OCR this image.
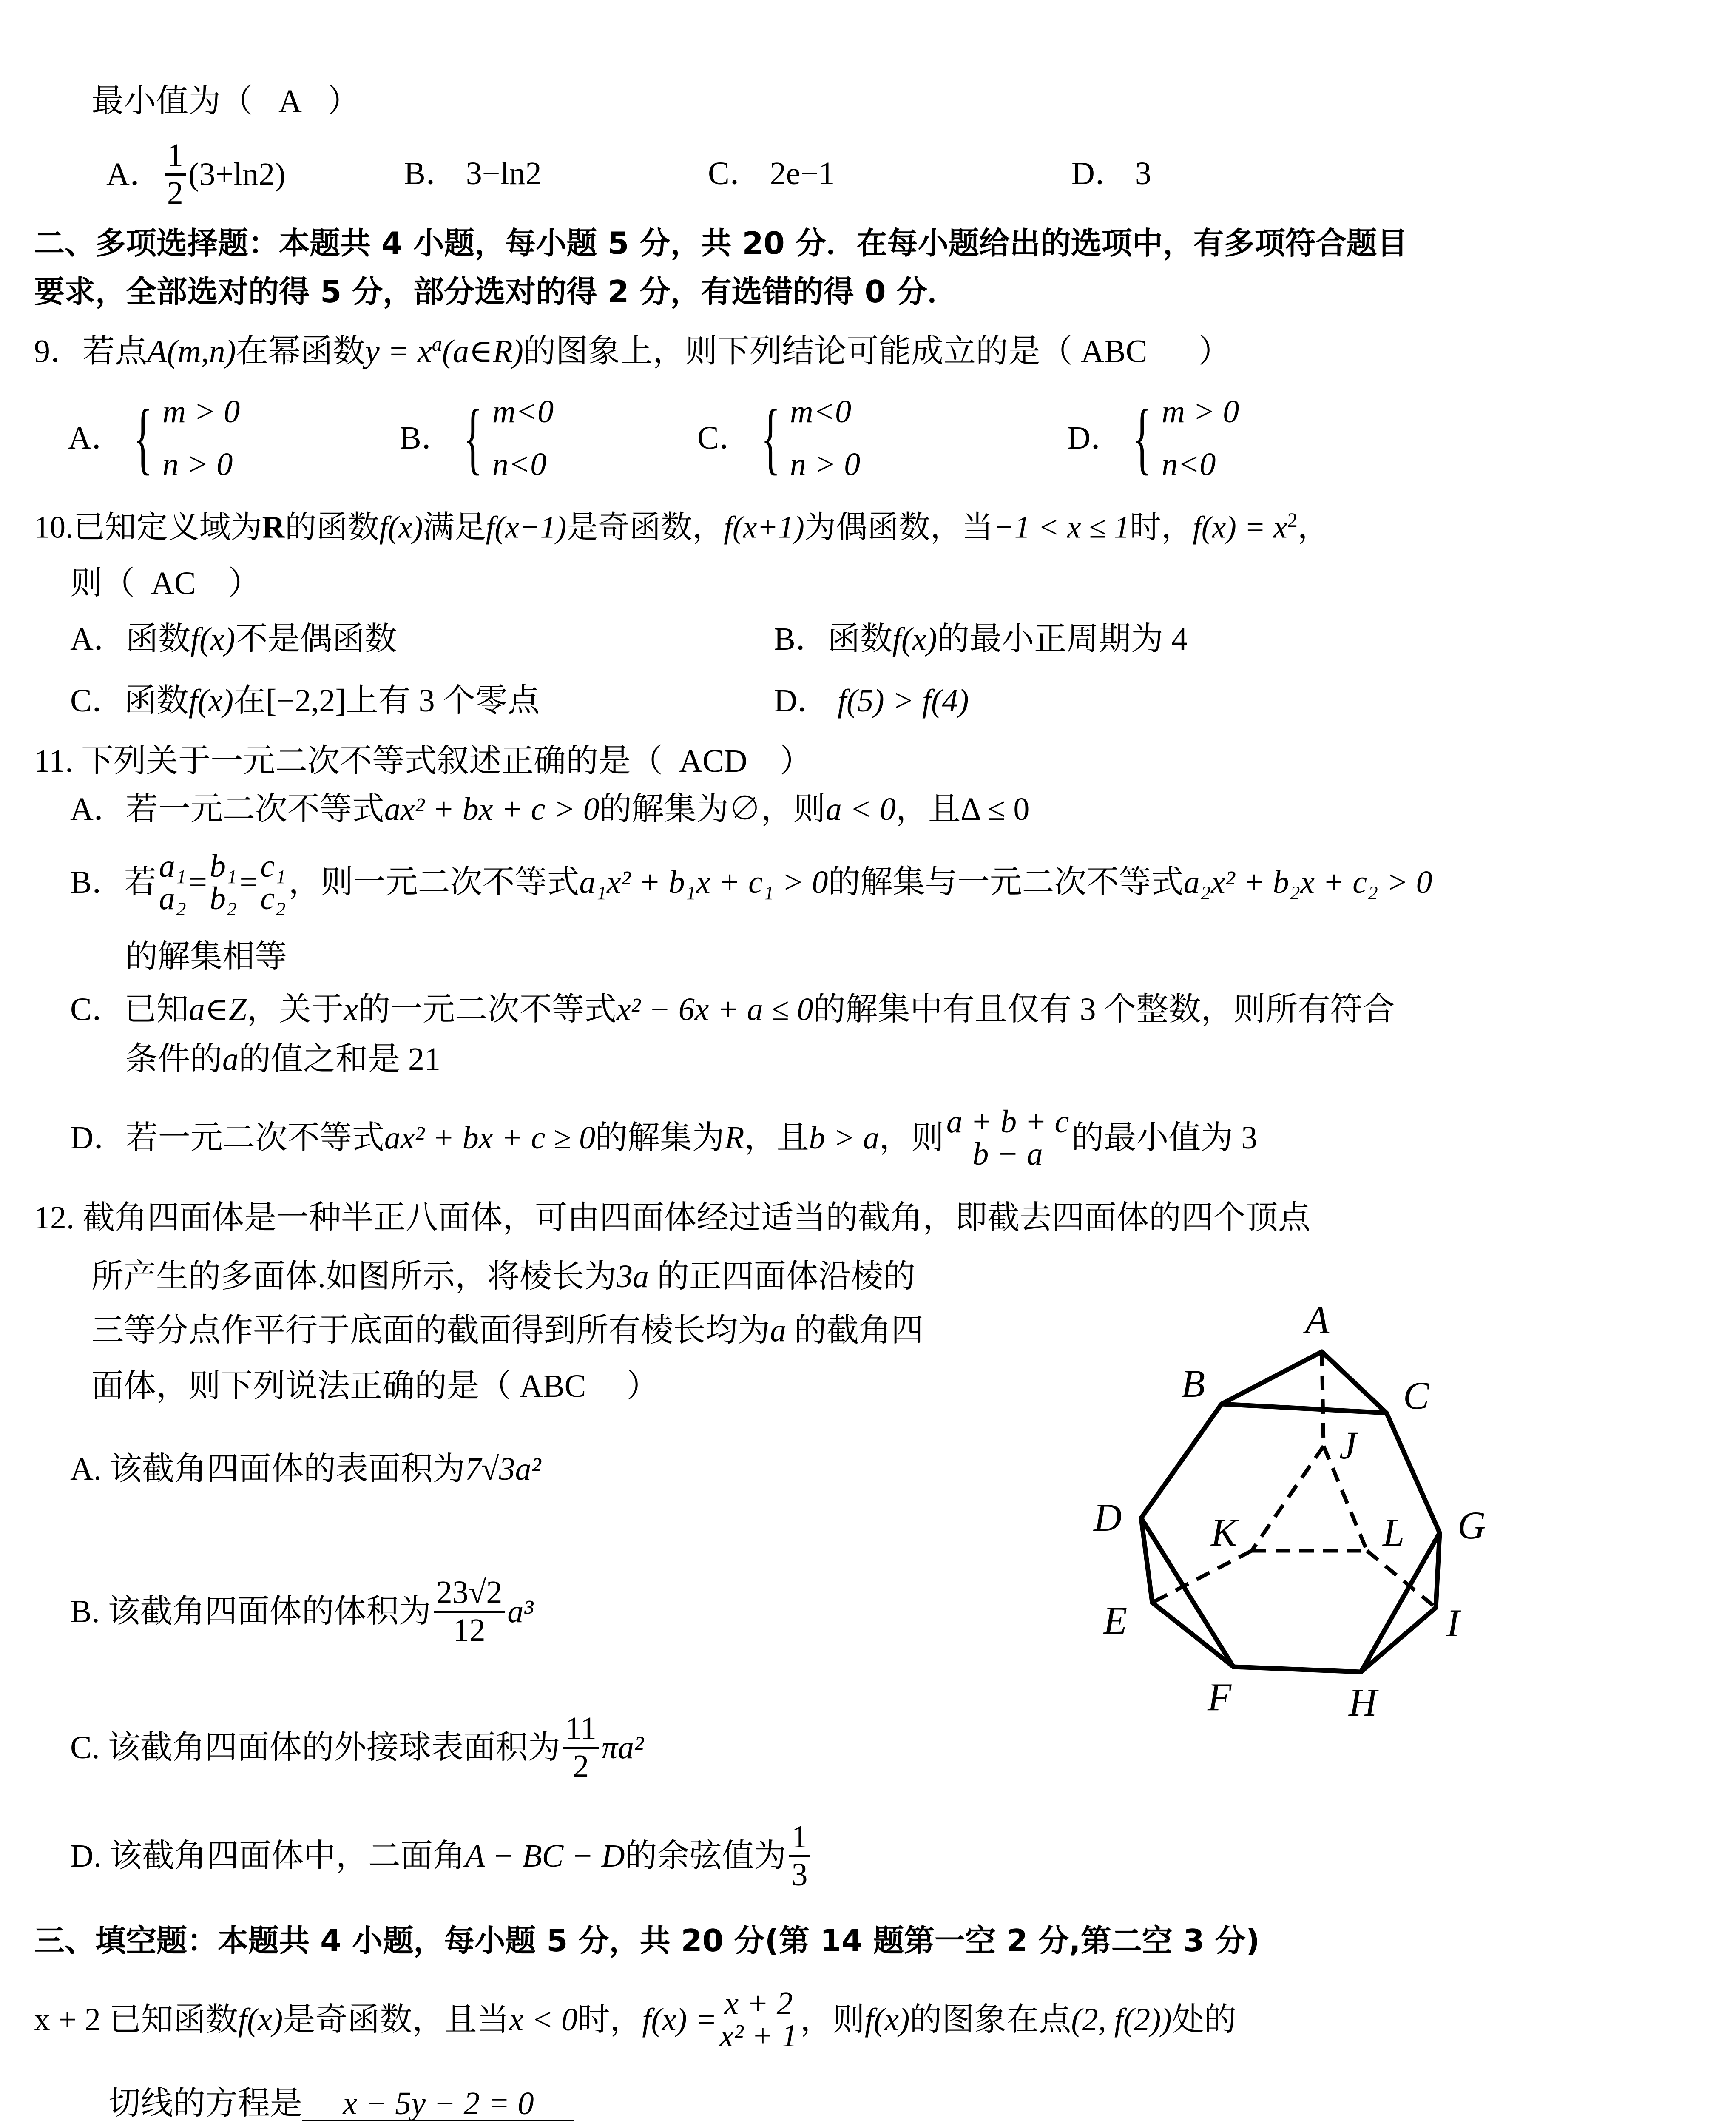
最小值为（ A ）
A． $\frac{1}{2} (3+\ln 2)$	B． 3−ln2	C． 2e−1	D． 3
二、多项选择题：本题共 4 小题，每小题 5 分，共 20 分．在每小题给出的选项中，有多项符合题目
要求，全部选对的得 5 分，部分选对的得 2 分，有选错的得 0 分．
9．若点A(m,n)在幂函数$y = x^a(a\in R)$的图象上，则下列结论可能成立的是（ ABC ）
A． { m > 0
n > 0
B． { m<0
n<0
C． { m<0
n > 0
D． { m > 0
n<0
10.已知定义域为R的函数f(x)满足f(x−1)是奇函数，f(x+1)为偶函数，当−1 < x ≤ 1时，$f(x) = x^2$，
则（ AC ）
A．函数f(x)不是偶函数	B．函数f(x)的最小正周期为 4
C．函数f(x)在[−2,2]上有 3 个零点	D． f(5) > f(4)
11. 下列关于一元二次不等式叙述正确的是（ ACD ）
A．若一元二次不等式ax² + bx + c > 0的解集为∅，则a < 0，且Δ ≤ 0
B． 若 a₁
a₂ = b₁
b₂ = c₁
c₂ ，则一元二次不等式 a₁x² + b₁x + c₁ > 0 的解集与一元二次不等式 a₂x² + b₂x + c₂ > 0
的解集相等
C．已知a∈Z，关于x的一元二次不等式x² − 6x + a ≤ 0的解集中有且仅有 3 个整数，则所有符合
条件的a的值之和是 21
D． 若一元二次不等式 ax² + bx + c ≥ 0 的解集为 R ，且 b > a ，则 a + b + c
b − a 的最小值为 3
12. 截角四面体是一种半正八面体，可由四面体经过适当的截角，即截去四面体的四个顶点
所产生的多面体.如图所示，将棱长为3a 的正四面体沿棱的
三等分点作平行于底面的截面得到所有棱长均为a 的截角四
面体，则下列说法正确的是（ ABC ）
A. 该截角四面体的表面积为7√3a²
B.
该截角四面体的体积为 $\frac{23√2}{12} a^3$
C.
该截角四面体的外接球表面积为 $\frac{11}{2} \pi a^2$
D.
该截角四面体中，二面角 A − BC − D 的余弦值为 $\frac{1}{3}$
A
B	C
D
E
F
G
H
I
J
K	L
三、填空题：本题共 4 小题，每小题 5 分，共 20 分(第 14 题第一空 2 分,第二空 3 分)
x + 2
已知函数 f(x) 是奇函数，且当 x < 0 时， f(x) = x + 2
x² + 1 ，则 f(x) 的图象在点 (2, f(2)) 处的
切线的方程是 x − 5y − 2 = 0
